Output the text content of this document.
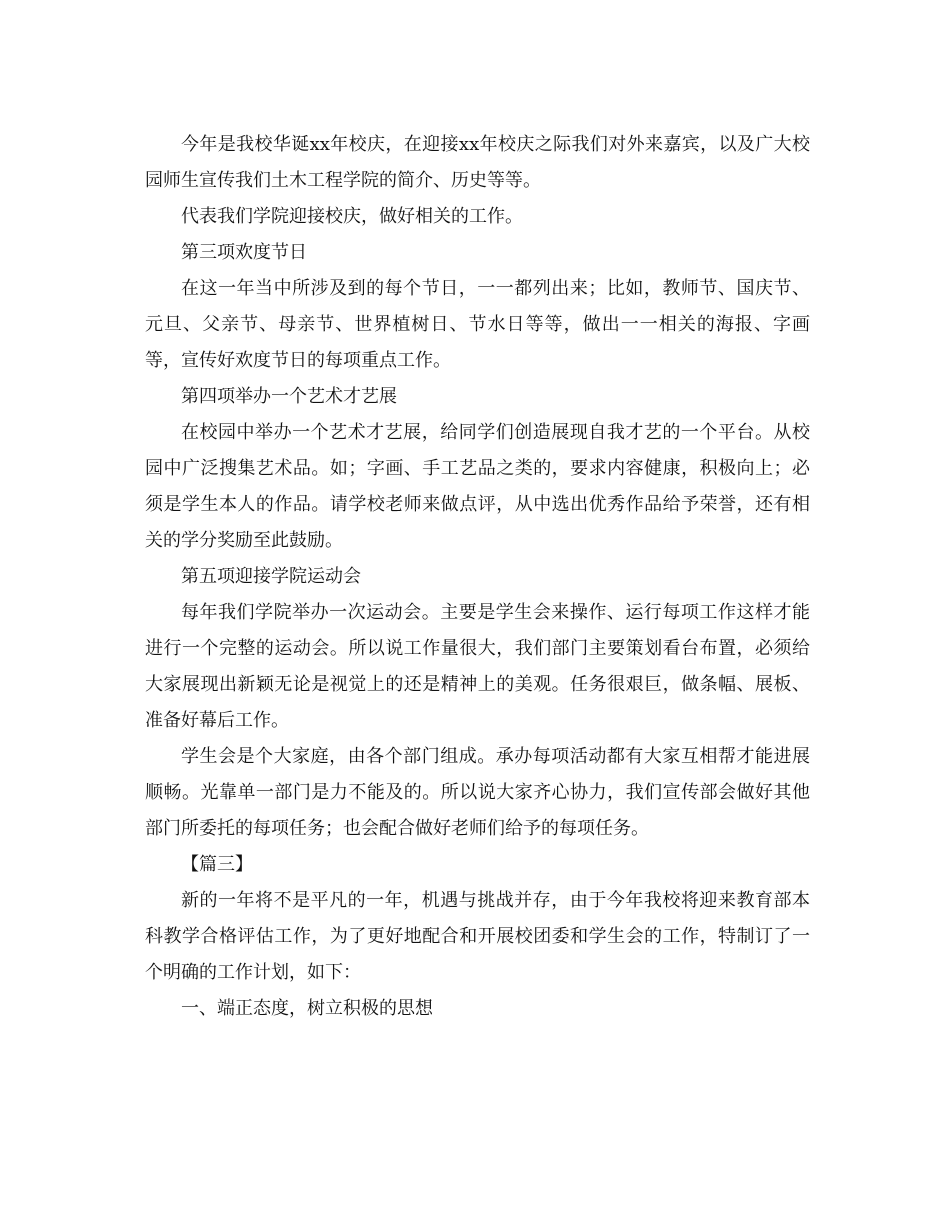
今年是我校华诞xx年校庆，在迎接xx年校庆之际我们对外来嘉宾，以及广大校园师生宣传我们土木工程学院的简介、历史等等。

代表我们学院迎接校庆，做好相关的工作。

第三项欢度节日

在这一年当中所涉及到的每个节日，一一都列出来；比如，教师节、国庆节、元旦、父亲节、母亲节、世界植树日、节水日等等，做出一一相关的海报、字画等，宣传好欢度节日的每项重点工作。

第四项举办一个艺术才艺展

在校园中举办一个艺术才艺展，给同学们创造展现自我才艺的一个平台。从校园中广泛搜集艺术品。如；字画、手工艺品之类的，要求内容健康，积极向上；必须是学生本人的作品。请学校老师来做点评，从中选出优秀作品给予荣誉，还有相关的学分奖励至此鼓励。

第五项迎接学院运动会

每年我们学院举办一次运动会。主要是学生会来操作、运行每项工作这样才能进行一个完整的运动会。所以说工作量很大，我们部门主要策划看台布置，必须给大家展现出新颖无论是视觉上的还是精神上的美观。任务很艰巨，做条幅、展板、准备好幕后工作。

学生会是个大家庭，由各个部门组成。承办每项活动都有大家互相帮才能进展顺畅。光靠单一部门是力不能及的。所以说大家齐心协力，我们宣传部会做好其他部门所委托的每项任务；也会配合做好老师们给予的每项任务。

【篇三】

新的一年将不是平凡的一年，机遇与挑战并存，由于今年我校将迎来教育部本科教学合格评估工作，为了更好地配合和开展校团委和学生会的工作，特制订了一个明确的工作计划，如下：

一、端正态度，树立积极的思想
